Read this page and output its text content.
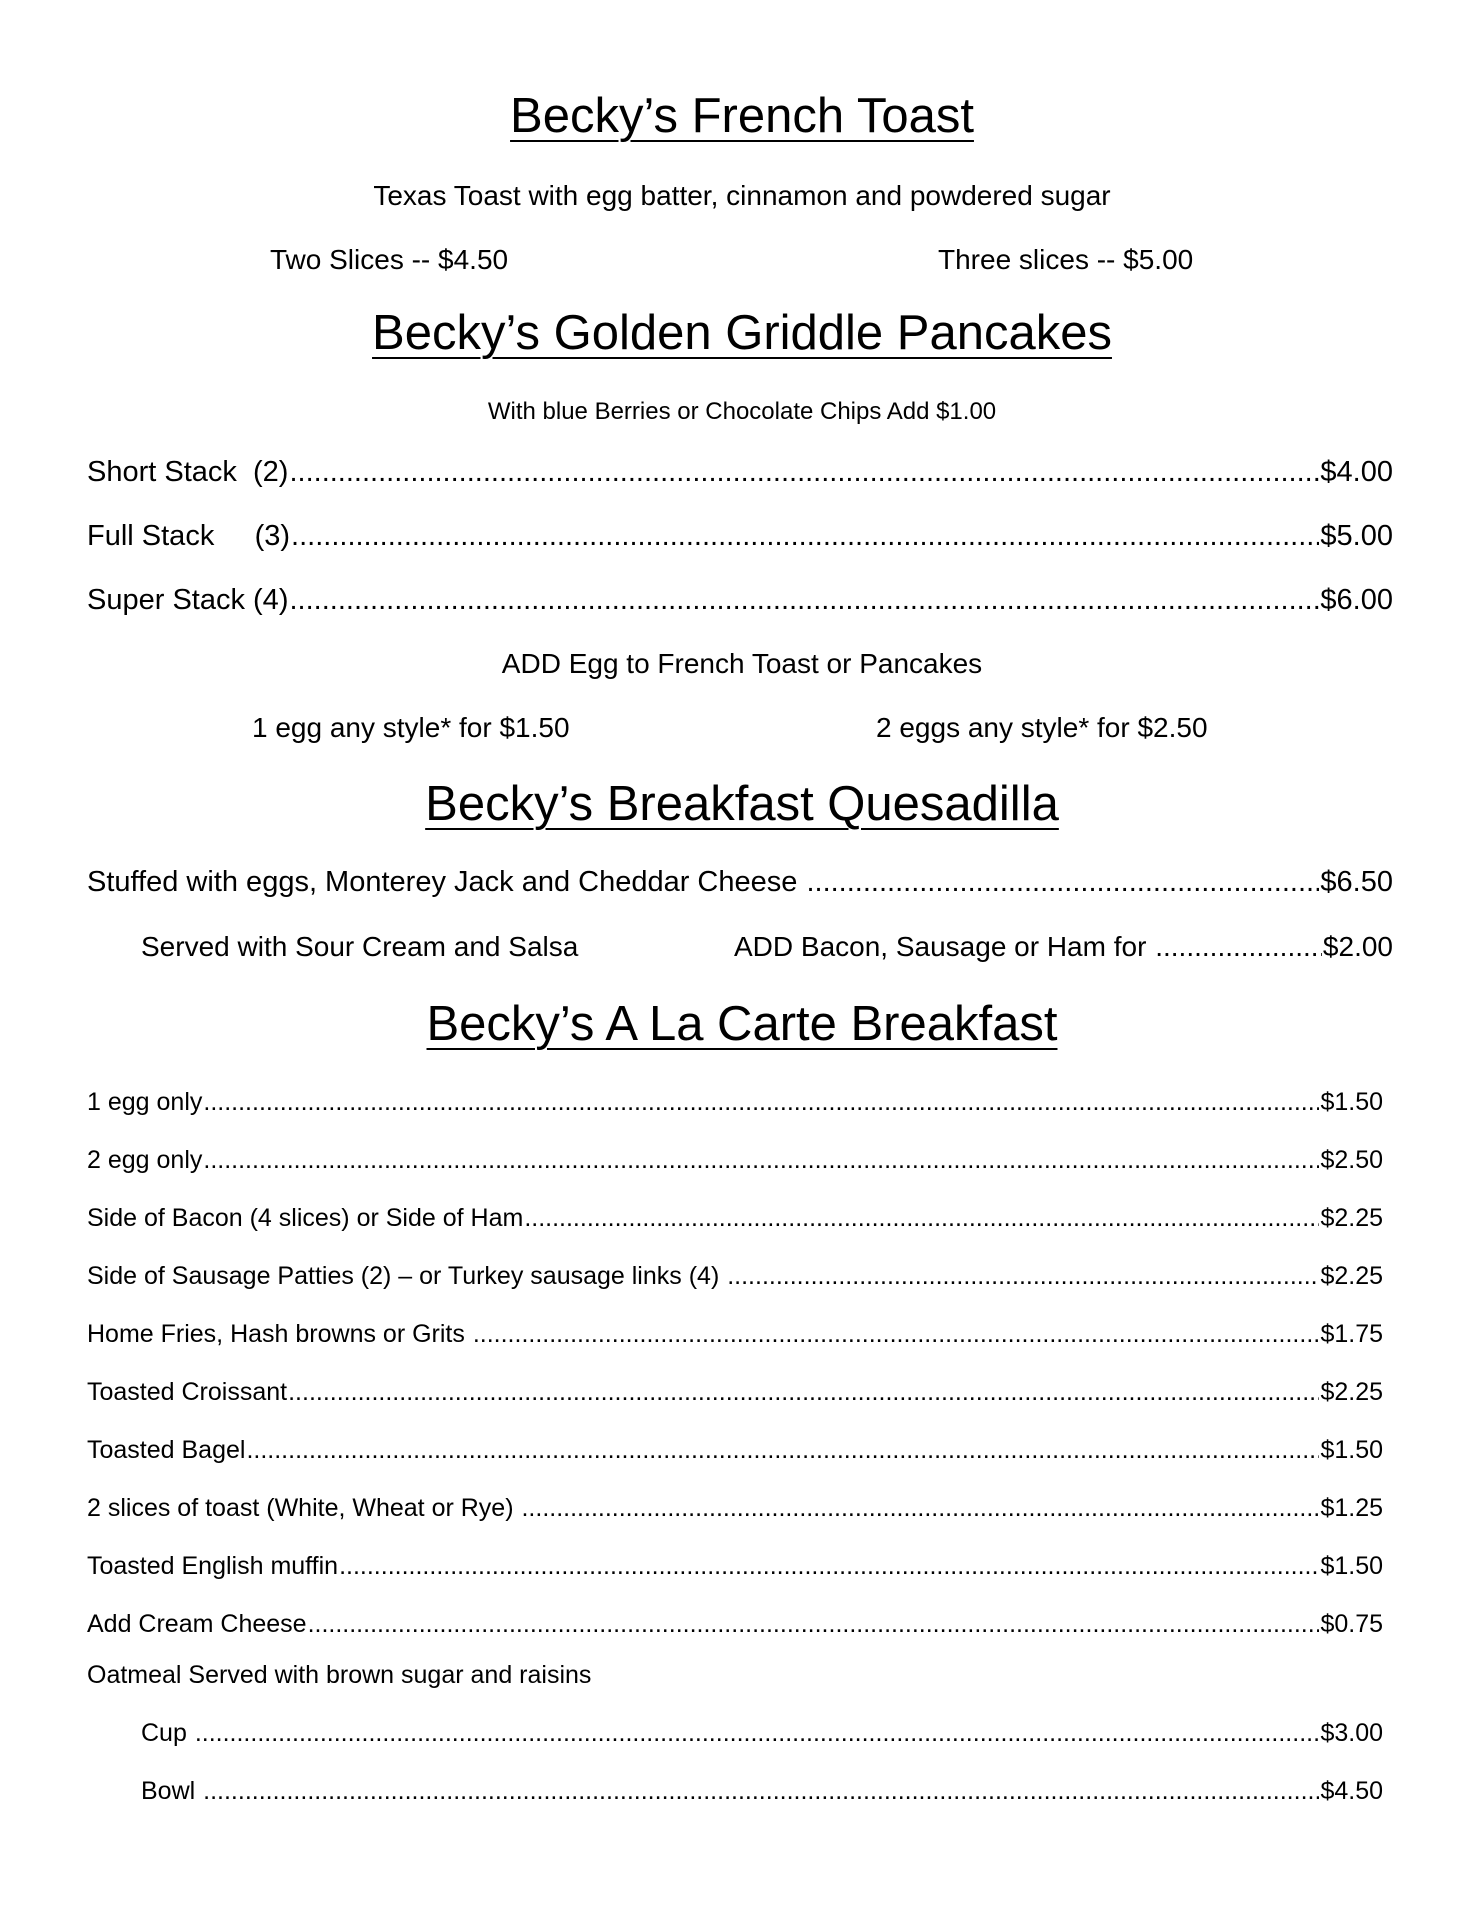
Becky’s French Toast
Texas Toast with egg batter, cinnamon and powdered sugar
Two Slices -- $4.50	Three slices -- $5.00
Becky’s Golden Griddle Pancakes
With blue Berries or Chocolate Chips Add $1.00
Short Stack  (2) .....	$4.00
Full Stack     (3) .....	$5.00
Super Stack (4) .....	$6.00
ADD Egg to French Toast or Pancakes
1 egg any style* for $1.50	2 eggs any style* for $2.50
Becky’s Breakfast Quesadilla
Stuffed with eggs, Monterey Jack and Cheddar Cheese .....	$6.50
Served with Sour Cream and Salsa	ADD Bacon, Sausage or Ham for .....	$2.00
Becky’s A La Carte Breakfast
1 egg only .....	$1.50
2 egg only .....	$2.50
Side of Bacon (4 slices) or Side of Ham .....	$2.25
Side of Sausage Patties (2) – or Turkey sausage links (4) .....	$2.25
Home Fries, Hash browns or Grits .....	$1.75
Toasted Croissant .....	$2.25
Toasted Bagel .....	$1.50
2 slices of toast (White, Wheat or Rye) .....	$1.25
Toasted English muffin .....	$1.50
Add Cream Cheese .....	$0.75
Oatmeal Served with brown sugar and raisins
Cup .....	$3.00
Bowl .....	$4.50
